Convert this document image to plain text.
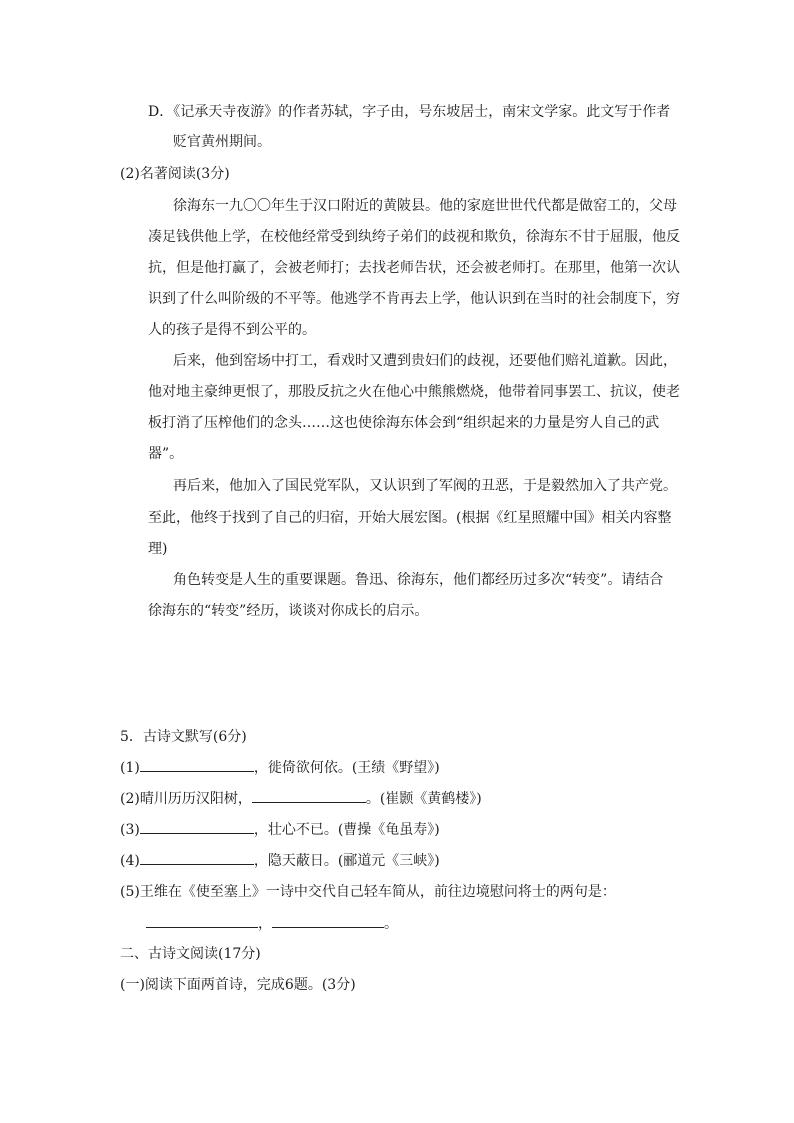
D．《记承天寺夜游》的作者苏轼，字子由，号东坡居士，南宋文学家。此文写于作者
贬官黄州期间。
(2)名著阅读(3分)
徐海东一九〇〇年生于汉口附近的黄陂县。他的家庭世世代代都是做窑工的，父母
凑足钱供他上学，在校他经常受到纨绔子弟们的歧视和欺负，徐海东不甘于屈服，他反
抗，但是他打赢了，会被老师打；去找老师告状，还会被老师打。在那里，他第一次认
识到了什么叫阶级的不平等。他逃学不肯再去上学，他认识到在当时的社会制度下，穷
人的孩子是得不到公平的。
后来，他到窑场中打工，看戏时又遭到贵妇们的歧视，还要他们赔礼道歉。因此，
他对地主豪绅更恨了，那股反抗之火在他心中熊熊燃烧，他带着同事罢工、抗议，使老
板打消了压榨他们的念头……这也使徐海东体会到“组织起来的力量是穷人自己的武
器”。
再后来，他加入了国民党军队，又认识到了军阀的丑恶，于是毅然加入了共产党。
至此，他终于找到了自己的归宿，开始大展宏图。(根据《红星照耀中国》相关内容整
理)
角色转变是人生的重要课题。鲁迅、徐海东，他们都经历过多次“转变”。请结合
徐海东的“转变”经历，谈谈对你成长的启示。
5．古诗文默写(6分)
(1)	，徙倚欲何依。(王绩《野望》)
(2)晴川历历汉阳树，	。(崔颢《黄鹤楼》)
(3)	，壮心不已。(曹操《龟虽寿》)
(4)	，隐天蔽日。(郦道元《三峡》)
(5)王维在《使至塞上》一诗中交代自己轻车简从，前往边境慰问将士的两句是：
，	。
二、古诗文阅读(17分)
(一)阅读下面两首诗，完成6题。(3分)
